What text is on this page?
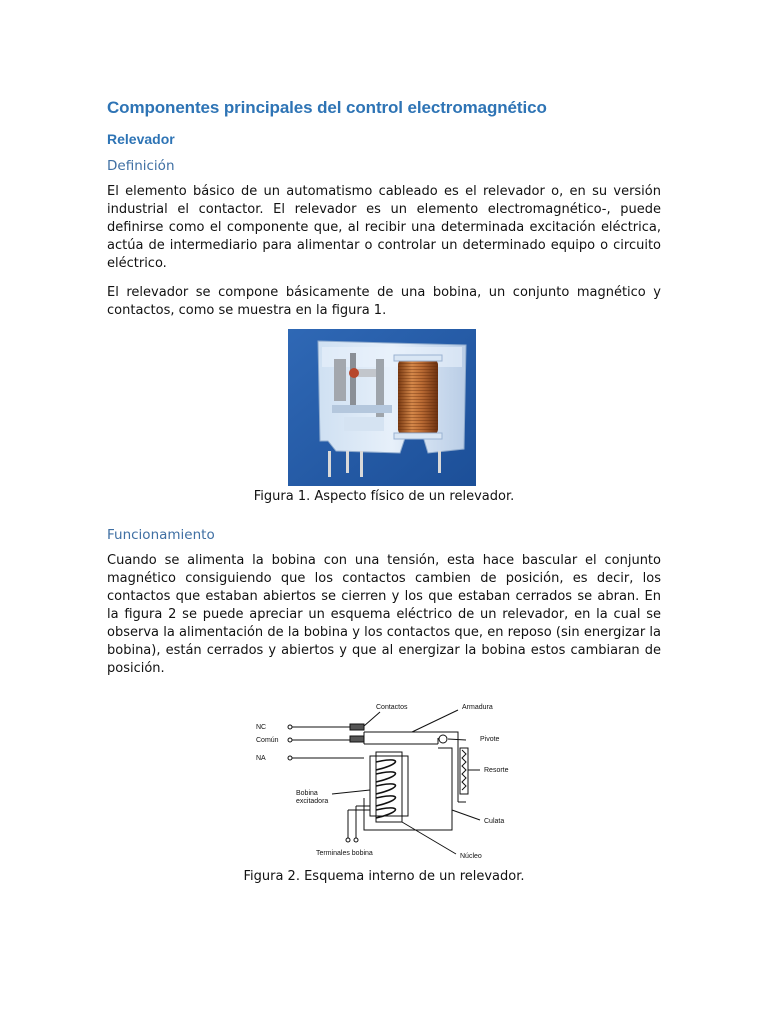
Componentes principales del control electromagnético
Relevador
Definición

El elemento básico de un automatismo cableado es el relevador o, en su versión industrial el contactor. El relevador es un elemento electromagnético-, puede definirse como el componente que, al recibir una determinada excitación eléctrica, actúa de intermediario para alimentar o controlar un determinado equipo o circuito eléctrico.

El relevador se compone básicamente de una bobina, un conjunto magnético y contactos, como se muestra en la figura 1.

Figura 1. Aspecto físico de un relevador.
Funcionamiento

Cuando se alimenta la bobina con una tensión, esta hace bascular el conjunto magnético consiguiendo que los contactos cambien de posición, es decir, los contactos que estaban abiertos se cierren y los que estaban cerrados se abran. En la figura 2 se puede apreciar un esquema eléctrico de un relevador, en la cual se observa la alimentación de la bobina y los contactos que, en reposo (sin energizar la bobina), están cerrados y abiertos y que al energizar la bobina estos cambiaran de posición.

Contactos	Armadura
NC
Común
NA
Pivote
Resorte
Bobina
excitadora
Culata
Terminales bobina	Núcleo
Figura 2. Esquema interno de un relevador.
